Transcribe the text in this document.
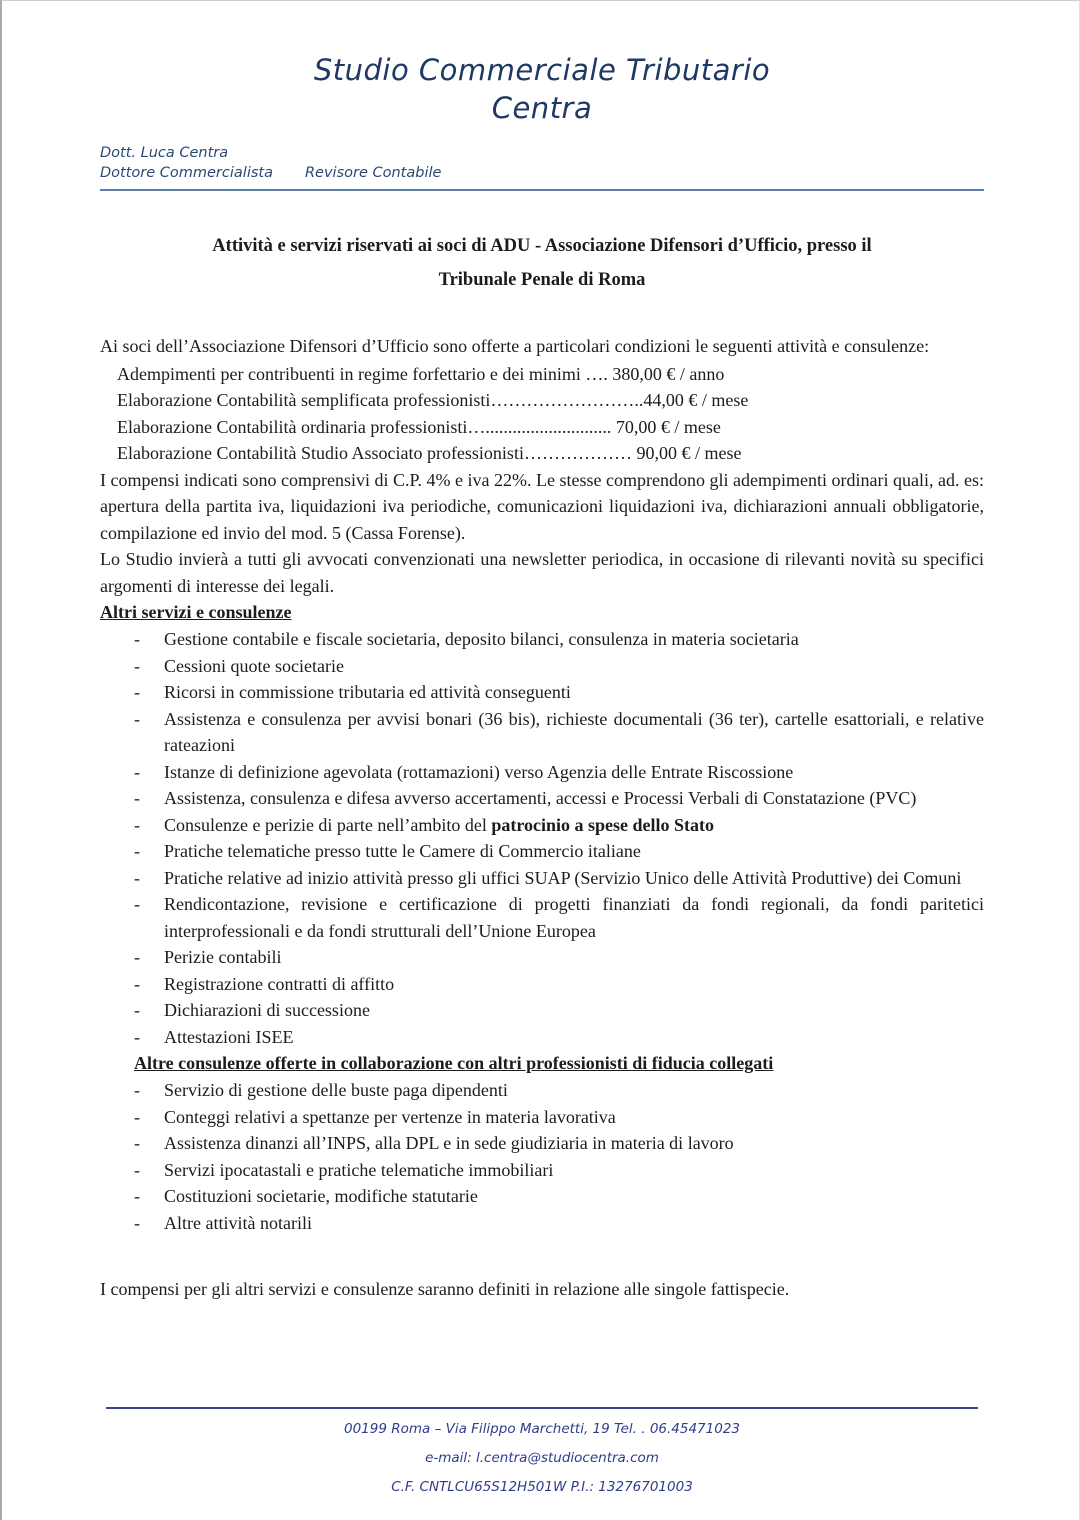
Studio Commerciale Tributario
Centra
Dott. Luca Centra
Dottore Commercialista Revisore Contabile
Attività e servizi riservati ai soci di ADU - Associazione Difensori d’Ufficio, presso il
Tribunale Penale di Roma

Ai soci dell’Associazione Difensori d’Ufficio sono offerte a particolari condizioni le seguenti attività e consulenze:

Adempimenti per contribuenti in regime forfettario e dei minimi …. 380,00 € / anno
Elaborazione Contabilità semplificata professionisti……………………..44,00 € / mese
Elaborazione Contabilità ordinaria professionisti…............................ 70,00 € / mese
Elaborazione Contabilità Studio Associato professionisti……………… 90,00 € / mese

I compensi indicati sono comprensivi di C.P. 4% e iva 22%. Le stesse comprendono gli adempimenti ordinari quali, ad. es: apertura della partita iva, liquidazioni iva periodiche, comunicazioni liquidazioni iva, dichiarazioni annuali obbligatorie, compilazione ed invio del mod. 5 (Cassa Forense).

Lo Studio invierà a tutti gli avvocati convenzionati una newsletter periodica, in occasione di rilevanti novità su specifici argomenti di interesse dei legali.

Altri servizi e consulenze
-	Gestione contabile e fiscale societaria, deposito bilanci, consulenza in materia societaria
-	Cessioni quote societarie
-	Ricorsi in commissione tributaria ed attività conseguenti
-	Assistenza e consulenza per avvisi bonari (36 bis), richieste documentali (36 ter), cartelle esattoriali, e relative rateazioni
-	Istanze di definizione agevolata (rottamazioni) verso Agenzia delle Entrate Riscossione
-	Assistenza, consulenza e difesa avverso accertamenti, accessi e Processi Verbali di Constatazione (PVC)
-	Consulenze e perizie di parte nell’ambito del patrocinio a spese dello Stato
-	Pratiche telematiche presso tutte le Camere di Commercio italiane
-	Pratiche relative ad inizio attività presso gli uffici SUAP (Servizio Unico delle Attività Produttive) dei Comuni
-	Rendicontazione, revisione e certificazione di progetti finanziati da fondi regionali, da fondi paritetici interprofessionali e da fondi strutturali dell’Unione Europea
-	Perizie contabili
-	Registrazione contratti di affitto
-	Dichiarazioni di successione
-	Attestazioni ISEE
Altre consulenze offerte in collaborazione con altri professionisti di fiducia collegati
-	Servizio di gestione delle buste paga dipendenti
-	Conteggi relativi a spettanze per vertenze in materia lavorativa
-	Assistenza dinanzi all’INPS, alla DPL e in sede giudiziaria in materia di lavoro
-	Servizi ipocatastali e pratiche telematiche immobiliari
-	Costituzioni societarie, modifiche statutarie
-	Altre attività notarili

I compensi per gli altri servizi e consulenze saranno definiti in relazione alle singole fattispecie.

00199 Roma – Via Filippo Marchetti, 19 Tel. . 06.45471023
e-mail: l.centra@studiocentra.com
C.F. CNTLCU65S12H501W P.I.: 13276701003
